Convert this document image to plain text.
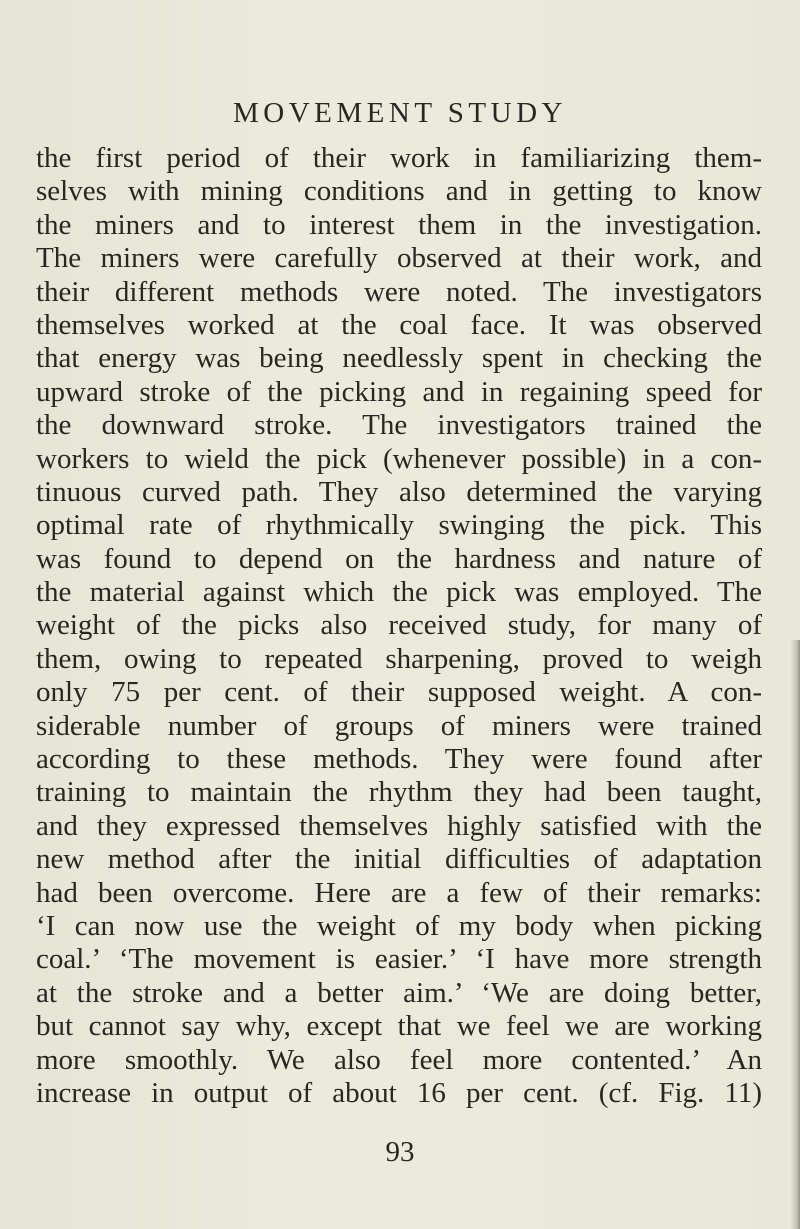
MOVEMENT STUDY
the first period of their work in familiarizing them-
selves with mining conditions and in getting to know
the miners and to interest them in the investigation.
The miners were carefully observed at their work, and
their different methods were noted. The investigators
themselves worked at the coal face. It was observed
that energy was being needlessly spent in checking the
upward stroke of the picking and in regaining speed for
the downward stroke. The investigators trained the
workers to wield the pick (whenever possible) in a con-
tinuous curved path. They also determined the varying
optimal rate of rhythmically swinging the pick. This
was found to depend on the hardness and nature of
the material against which the pick was employed. The
weight of the picks also received study, for many of
them, owing to repeated sharpening, proved to weigh
only 75 per cent. of their supposed weight. A con-
siderable number of groups of miners were trained
according to these methods. They were found after
training to maintain the rhythm they had been taught,
and they expressed themselves highly satisfied with the
new method after the initial difficulties of adaptation
had been overcome. Here are a few of their remarks:
‘I can now use the weight of my body when picking
coal.’ ‘The movement is easier.’ ‘I have more strength
at the stroke and a better aim.’ ‘We are doing better,
but cannot say why, except that we feel we are working
more smoothly. We also feel more contented.’ An
increase in output of about 16 per cent. (cf. Fig. 11)
93
